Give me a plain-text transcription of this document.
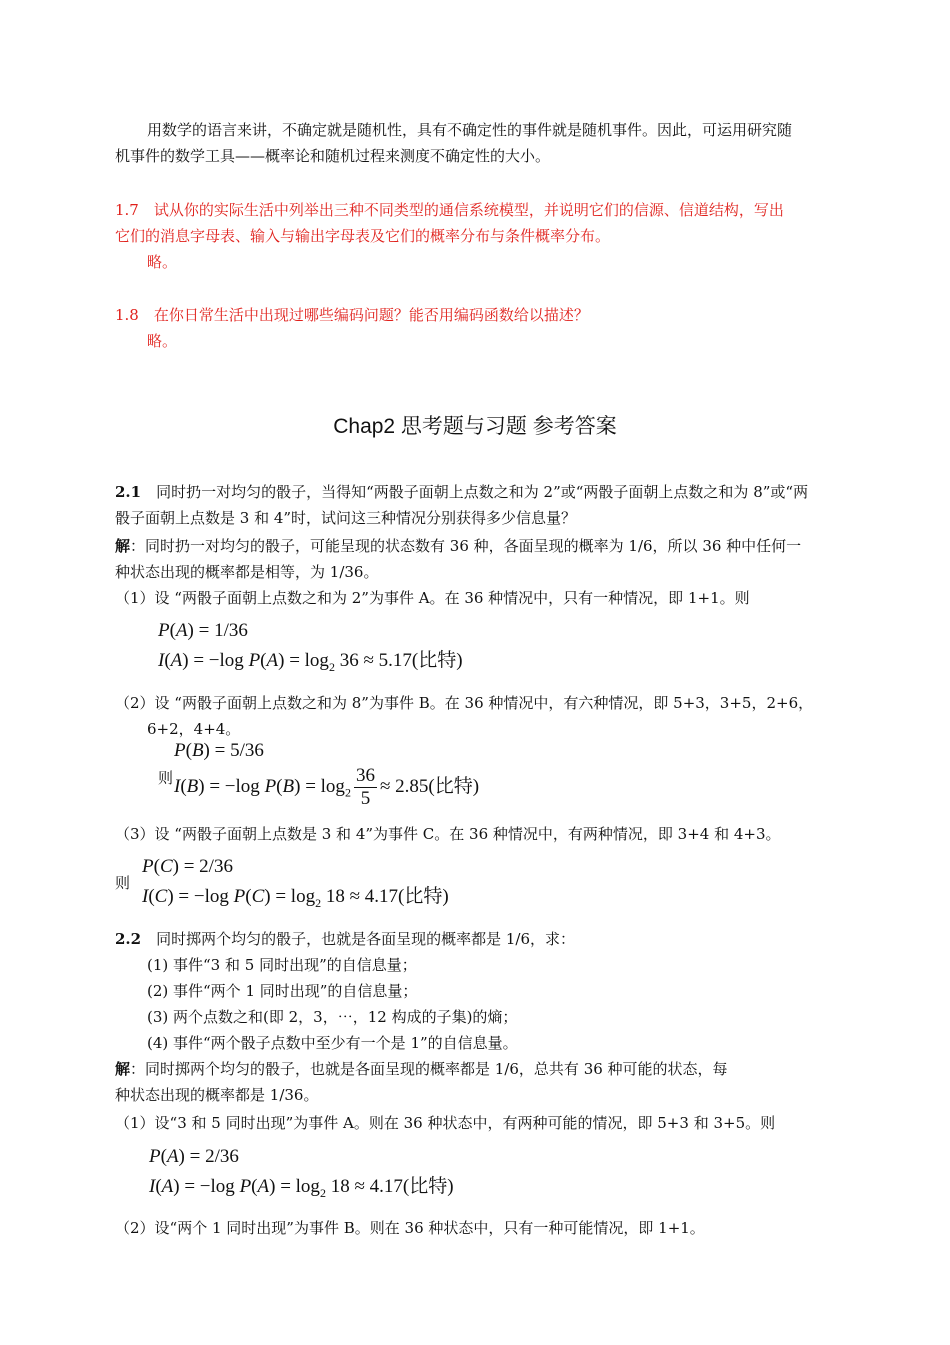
用数学的语言来讲，不确定就是随机性，具有不确定性的事件就是随机事件。因此，可运用研究随
机事件的数学工具——概率论和随机过程来测度不确定性的大小。
1.7　试从你的实际生活中列举出三种不同类型的通信系统模型，并说明它们的信源、信道结构，写出
它们的消息字母表、输入与输出字母表及它们的概率分布与条件概率分布。
略。
1.8　在你日常生活中出现过哪些编码问题？能否用编码函数给以描述？
略。
Chap2 思考题与习题 参考答案
2.1　同时扔一对均匀的骰子，当得知“两骰子面朝上点数之和为 2”或“两骰子面朝上点数之和为 8”或“两
骰子面朝上点数是 3 和 4”时，试问这三种情况分别获得多少信息量？
解：同时扔一对均匀的骰子，可能呈现的状态数有 36 种，各面呈现的概率为 1/6，所以 36 种中任何一
种状态出现的概率都是相等，为 1/36。
（1）设 “两骰子面朝上点数之和为 2”为事件 A。在 36 种情况中，只有一种情况，即 1+1。则
P(A) = 1/36
I(A) = −log $P(A) = \log_2 36 \approx 5.17$(比特)
（2）设 “两骰子面朝上点数之和为 8”为事件 B。在 36 种情况中，有六种情况，即 5+3，3+5，2+6，
6+2，4+4。
P(B) = 5/36
则 I(B) = −log $P(B) = \log_2 \frac{36}{5} \approx 2.85$(比特)
（3）设 “两骰子面朝上点数是 3 和 4”为事件 C。在 36 种情况中，有两种情况，即 3+4 和 4+3。
则
P(C) = 2/36
I(C) = −log $P(C) = \log_2 18 \approx 4.17$(比特)
2.2　同时掷两个均匀的骰子，也就是各面呈现的概率都是 1/6，求：
(1) 事件“3 和 5 同时出现”的自信息量；
(2) 事件“两个 1 同时出现”的自信息量；
(3) 两个点数之和(即 2，3，⋯，12 构成的子集)的熵；
(4) 事件“两个骰子点数中至少有一个是 1”的自信息量。
解：同时掷两个均匀的骰子，也就是各面呈现的概率都是 1/6，总共有 36 种可能的状态，每
种状态出现的概率都是 1/36。
（1）设“3 和 5 同时出现”为事件 A。则在 36 种状态中，有两种可能的情况，即 5+3 和 3+5。则
P(A) = 2/36
I(A) = −log $P(A) = \log_2 18 \approx 4.17$(比特)
（2）设“两个 1 同时出现”为事件 B。则在 36 种状态中，只有一种可能情况，即 1+1。
